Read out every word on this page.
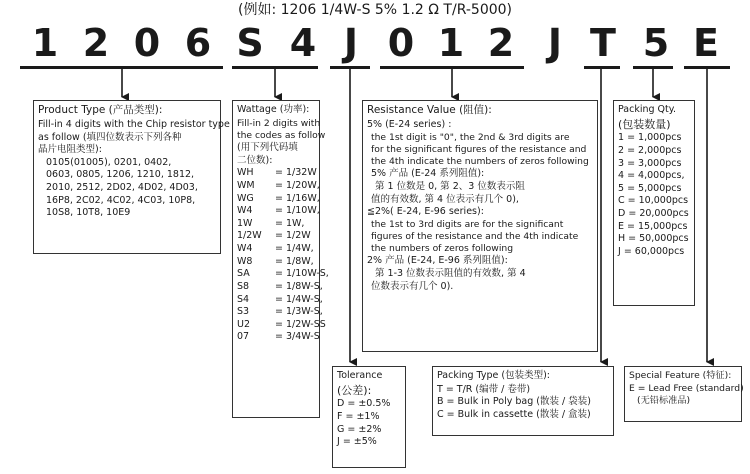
(例如: 1206 1/4W-S 5% 1.2 Ω T/R-5000)
1 2 0 6 S 4 J 0 1 2 J T 5 E
Product Type (产品类型):
Fill-in 4 digits with the Chip resistor type
as follow (填四位数表示下列各种
晶片电阻类型):
0105(01005), 0201, 0402,
0603, 0805, 1206, 1210, 1812,
2010, 2512, 2D02, 4D02, 4D03,
16P8, 2C02, 4C02, 4C03, 10P8,
10S8, 10T8, 10E9
Wattage (功率):
Fill-in 2 digits with
the codes as follow
(用下列代码填
二位数):
WH = 1/32W
WM = 1/20W,
WG = 1/16W,
W4 = 1/10W,
1W = 1W,
1/2W = 1/2W
W4 = 1/4W,
W8 = 1/8W,
SA	= 1/10W-S,
S8	= 1/8W-S,
S4	= 1/4W-S,
S3	= 1/3W-S,
U2	= 1/2W-SS
07	= 3/4W-S
Resistance Value (阻值):
5% (E-24 series) :
the 1st digit is "0", the 2nd & 3rd digits are
for the significant figures of the resistance and
the 4th indicate the numbers of zeros following
5% 产品 (E-24 系列阻值):
第 1 位数是 0, 第 2、3 位数表示阻
值的有效数, 第 4 位表示有几个 0),
≦2%( E-24, E-96 series):
the 1st to 3rd digits are for the significant
figures of the resistance and the 4th indicate
the numbers of zeros following
2% 产品 (E-24, E-96 系列阻值):
第 1-3 位数表示阻值的有效数, 第 4
位数表示有几个 0).
Packing Qty.
(包装数量)
1 = 1,000pcs
2 = 2,000pcs
3 = 3,000pcs
4 = 4,000pcs,
5 = 5,000pcs
C = 10,000pcs
D = 20,000pcs
E = 15,000pcs
H = 50,000pcs
J = 60,000pcs
Tolerance
(公差):
D = ±0.5%
F = ±1%
G = ±2%
J = ±5%
Packing Type (包装类型):
T = T/R (编带 / 卷带)
B = Bulk in Poly bag (散装 / 袋装)
C = Bulk in cassette (散装 / 盒装)
Special Feature (特征):
E = Lead Free (standard)
(无铅标准品)
